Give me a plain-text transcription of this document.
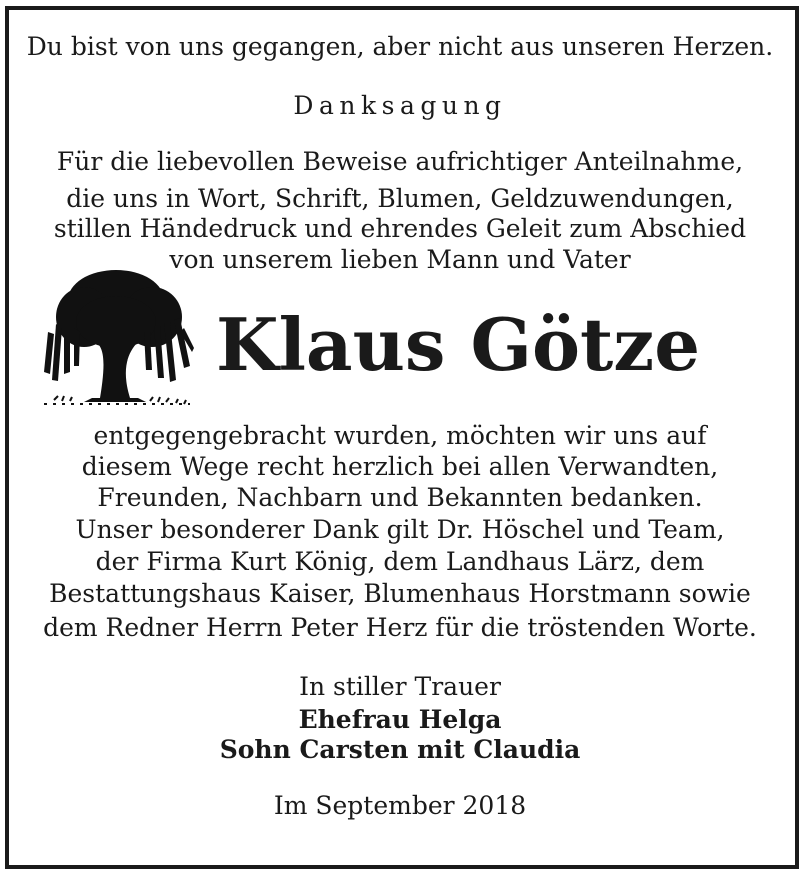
Du bist von uns gegangen, aber nicht aus unseren Herzen.
Danksagung
Für die liebevollen Beweise aufrichtiger Anteilnahme,
die uns in Wort, Schrift, Blumen, Geldzuwendungen,
stillen Händedruck und ehrendes Geleit zum Abschied
von unserem lieben Mann und Vater
Klaus Götze
entgegengebracht wurden, möchten wir uns auf
diesem Wege recht herzlich bei allen Verwandten,
Freunden, Nachbarn und Bekannten bedanken.
Unser besonderer Dank gilt Dr. Höschel und Team,
der Firma Kurt König, dem Landhaus Lärz, dem
Bestattungshaus Kaiser, Blumenhaus Horstmann sowie
dem Redner Herrn Peter Herz für die tröstenden Worte.
In stiller Trauer
Ehefrau Helga
Sohn Carsten mit Claudia
Im September 2018
